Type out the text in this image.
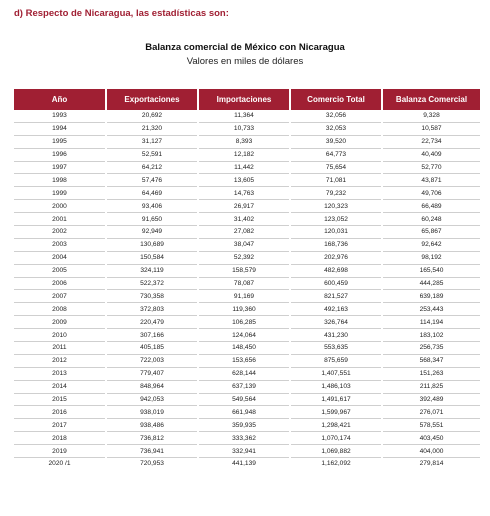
d) Respecto de Nicaragua, las estadísticas son:
Balanza comercial de México con Nicaragua
Valores en miles de dólares
Año	Exportaciones	Importaciones	Comercio Total	Balanza Comercial
1993	20,692	11,364	32,056	9,328
1994	21,320	10,733	32,053	10,587
1995	31,127	8,393	39,520	22,734
1996	52,591	12,182	64,773	40,409
1997	64,212	11,442	75,654	52,770
1998	57,476	13,605	71,081	43,871
1999	64,469	14,763	79,232	49,706
2000	93,406	26,917	120,323	66,489
2001	91,650	31,402	123,052	60,248
2002	92,949	27,082	120,031	65,867
2003	130,689	38,047	168,736	92,642
2004	150,584	52,392	202,976	98,192
2005	324,119	158,579	482,698	165,540
2006	522,372	78,087	600,459	444,285
2007	730,358	91,169	821,527	639,189
2008	372,803	119,360	492,163	253,443
2009	220,479	106,285	326,764	114,194
2010	307,166	124,064	431,230	183,102
2011	405,185	148,450	553,635	256,735
2012	722,003	153,656	875,659	568,347
2013	779,407	628,144	1,407,551	151,263
2014	848,964	637,139	1,486,103	211,825
2015	942,053	549,564	1,491,617	392,489
2016	938,019	661,948	1,599,967	276,071
2017	938,486	359,935	1,298,421	578,551
2018	736,812	333,362	1,070,174	403,450
2019	736,941	332,941	1,069,882	404,000
2020 /1	720,953	441,139	1,162,092	279,814
